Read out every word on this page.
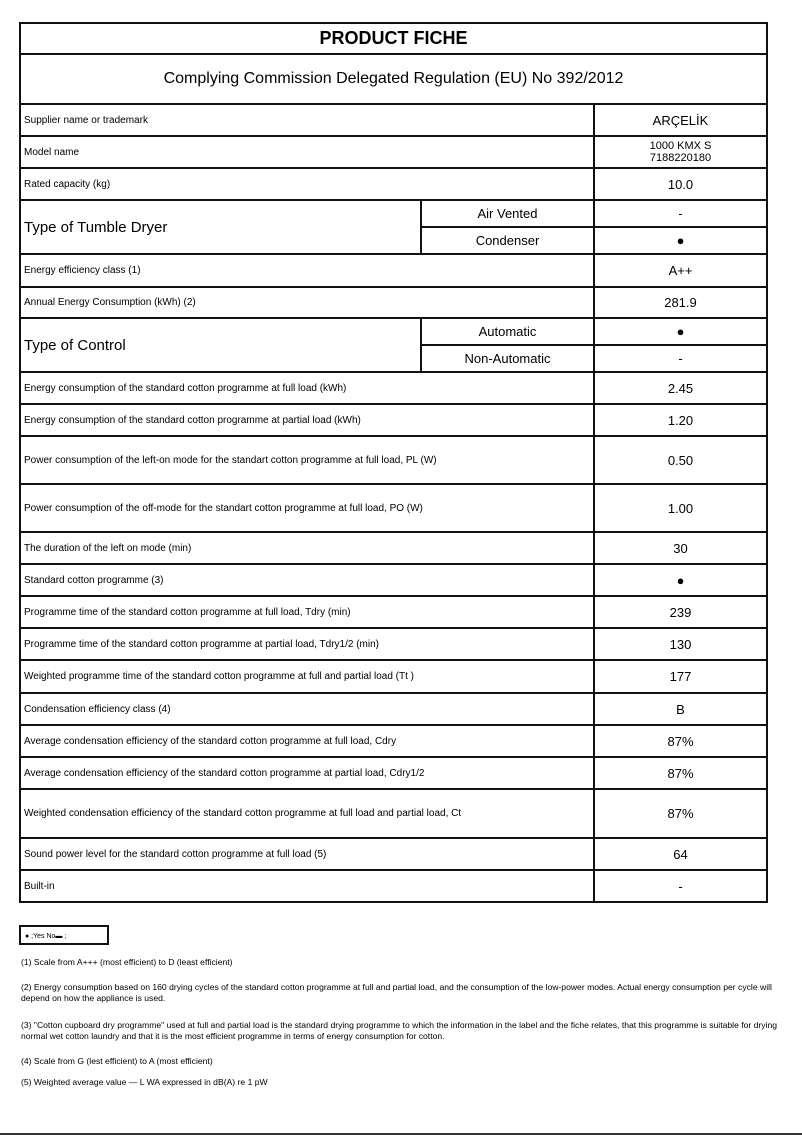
PRODUCT FICHE		
Complying Commission Delegated Regulation (EU) No 392/2012		
Supplier name or trademark		ARÇELİK
Model name		1000 KMX S
7188220180
Rated capacity (kg)		10.0
Type of Tumble Dryer	Air Vented	-
	Condenser	●
Energy efficiency class (1)		A++
Annual Energy Consumption (kWh) (2)		281.9
Type of Control	Automatic	●
	Non-Automatic	-
Energy consumption of the standard cotton programme at full load (kWh)		2.45
Energy consumption of the standard cotton programme at partial load (kWh)		1.20
Power consumption of the left-on mode for the standart cotton programme at full load, PL (W)		0.50
Power consumption of the off-mode for the standart cotton programme at full load, PO (W)		1.00
The duration of the left on mode (min)		30
Standard cotton programme (3)		●
Programme time of the standard cotton programme at full load, Tdry (min)		239
Programme time of the standard cotton programme at partial load, Tdry1/2 (min)		130
Weighted programme time of the standard cotton programme at full and partial load (Tt )		177
Condensation efficiency class (4)		B
Average condensation efficiency of the standard cotton programme at full load, Cdry		87%
Average condensation efficiency of the standard cotton programme at partial load, Cdry1/2		87%
Weighted condensation efficiency of the standard cotton programme at full load and partial load, Ct		87%
Sound power level for the standard cotton programme at full load (5)		64
Built-in		-
● ;Yes No▬ ;
(1) Scale from A+++ (most efficient) to D (least efficient)
(2) Energy consumption based on 160 drying cycles of the standard cotton programme at full and partial load, and the consumption of the low-power modes. Actual energy consumption per cycle will depend on how the appliance is used.
(3) "Cotton cupboard dry programme" used at full and partial load is the standard drying programme to which the information in the label and the fiche relates, that this programme is suitable for drying normal wet cotton laundry and that it is the most efficient programme in terms of energy consumption for cotton.
(4) Scale from G (lest efficient) to A (most efficient)
(5) Weighted average value — L WA expressed in dB(A) re 1 pW
